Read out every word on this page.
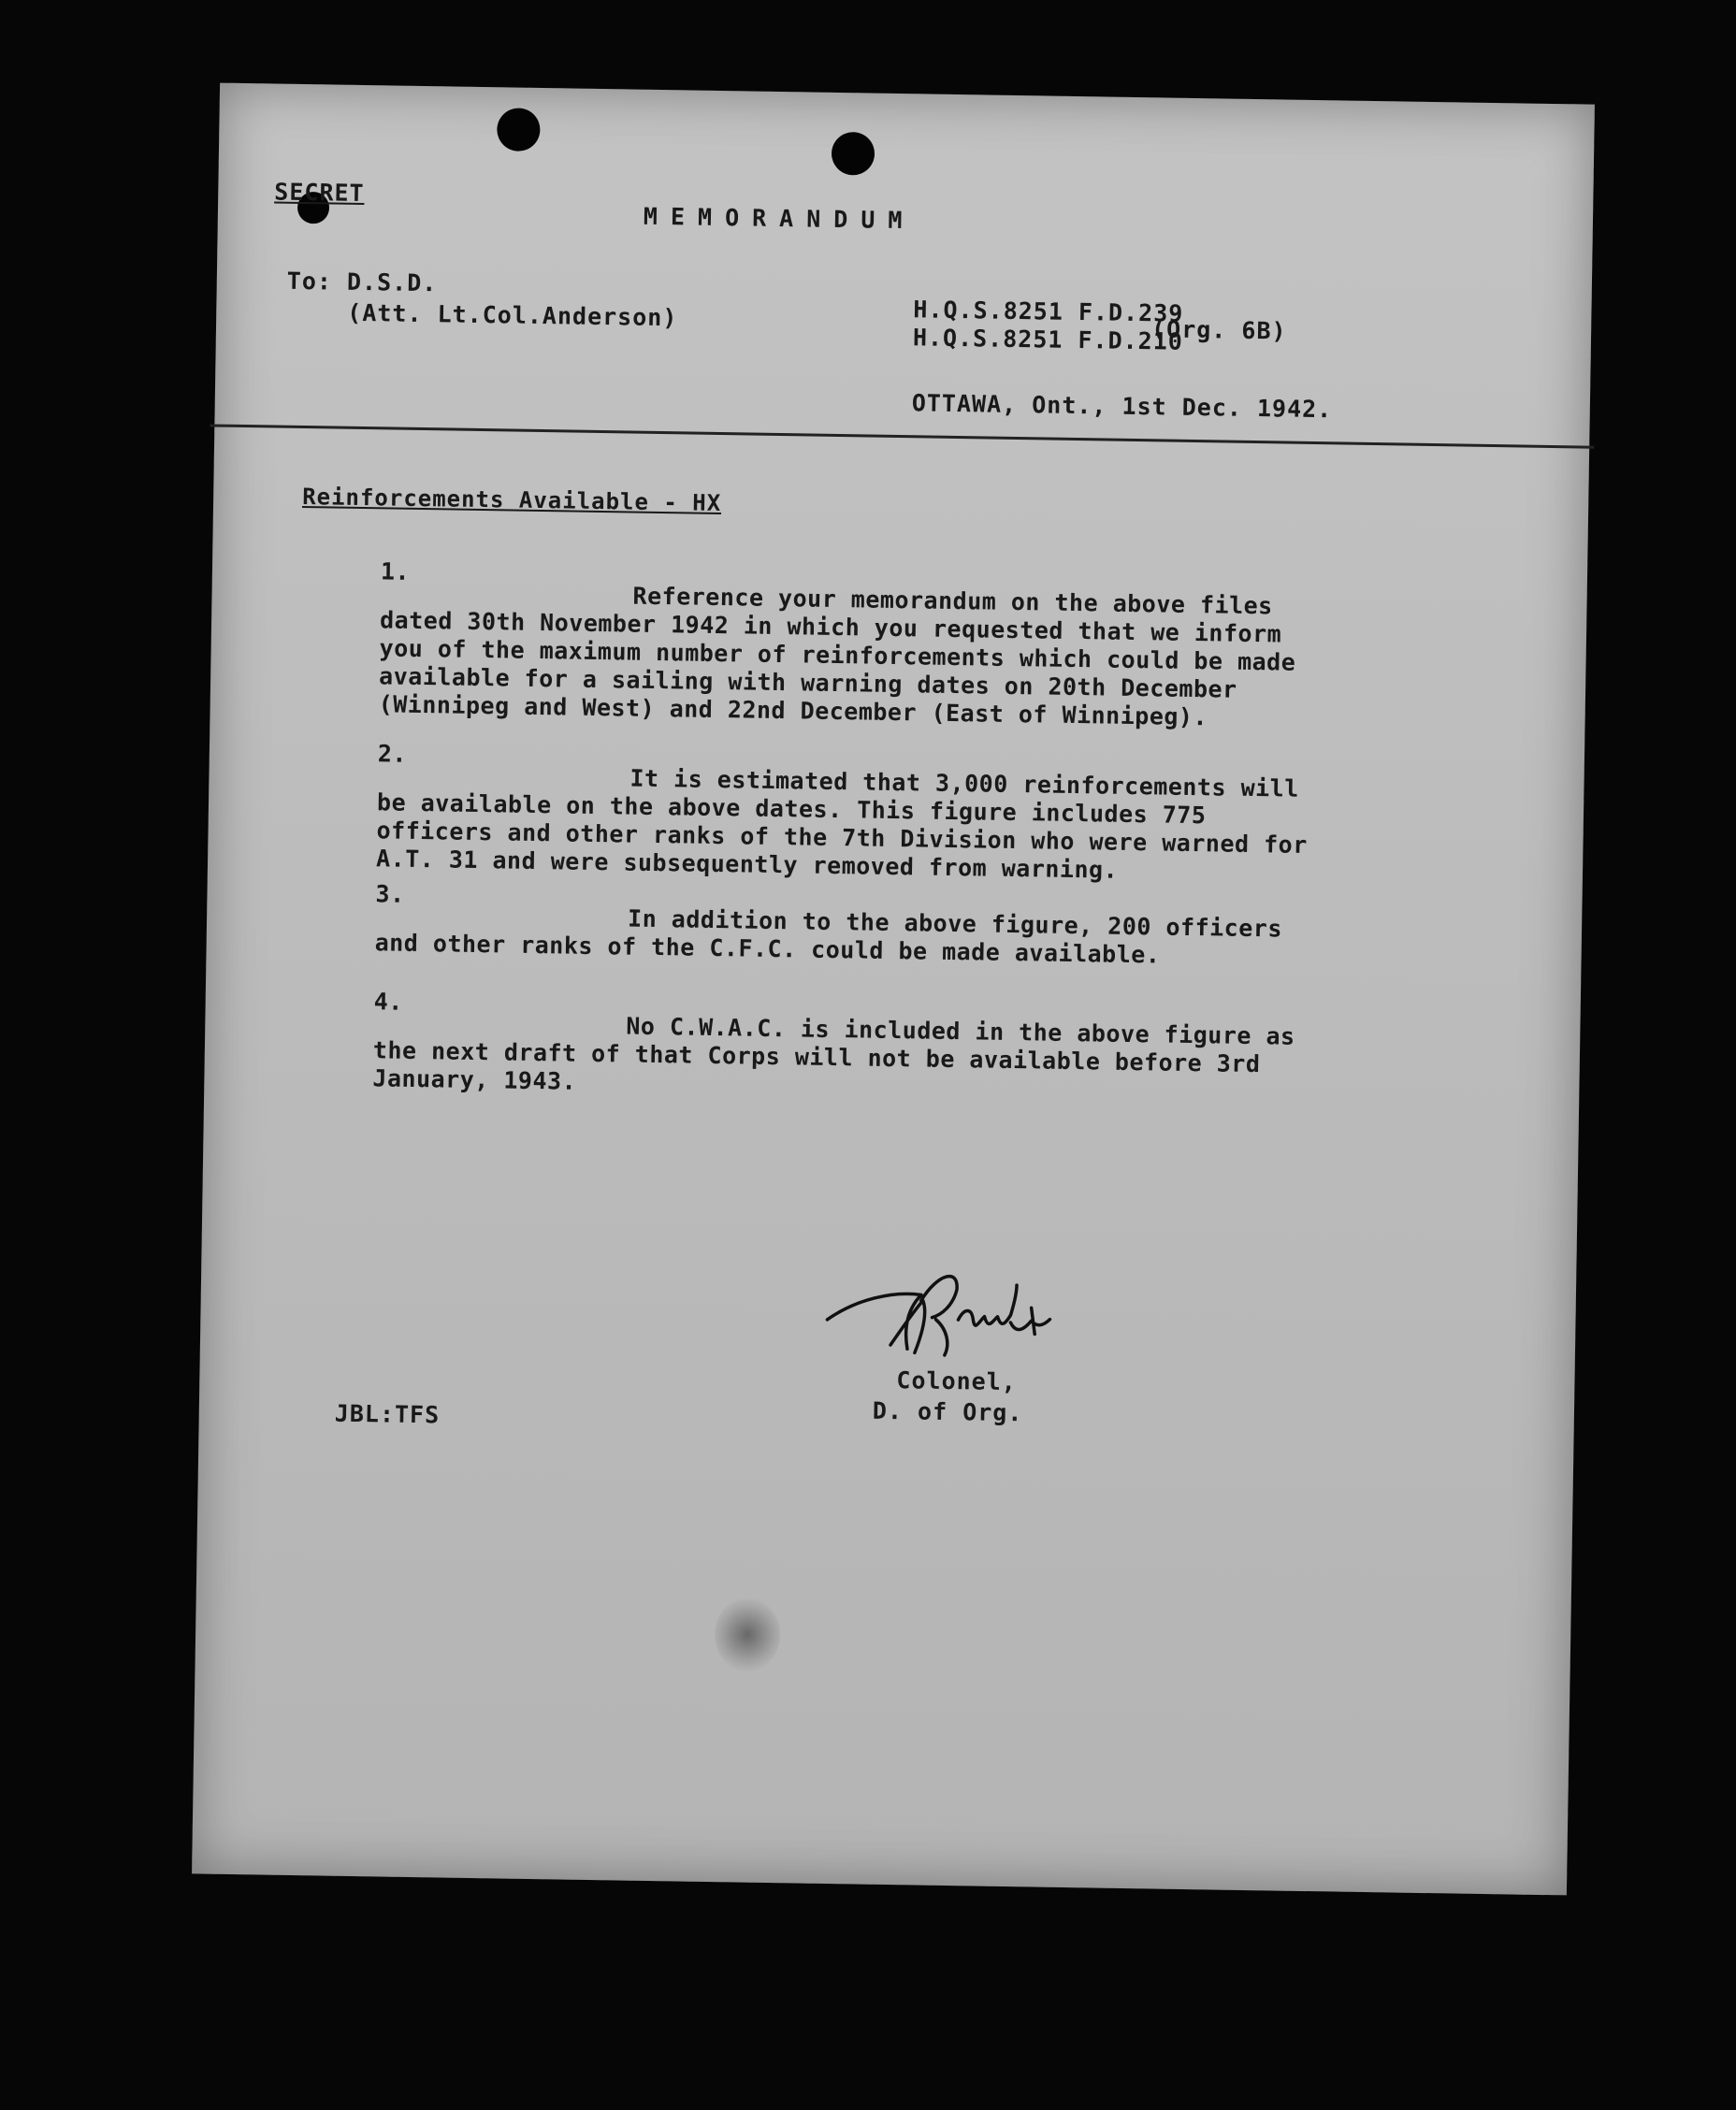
SECRET
MEMORANDUM
To: D.S.D.
(Att. Lt.Col.Anderson)	H.Q.S.8251 F.D.239
H.Q.S.8251 F.D.210
(Org. 6B)
OTTAWA, Ont., 1st Dec. 1942.
Reinforcements Available - HX
1.
Reference your memorandum on the above files dated 30th November 1942 in which you requested that we inform you of the maximum number of reinforcements which could be made available for a sailing with warning dates on 20th December (Winnipeg and West) and 22nd December (East of Winnipeg).
2.
It is estimated that 3,000 reinforcements will be available on the above dates. This figure includes 775 officers and other ranks of the 7th Division who were warned for A.T. 31 and were subsequently removed from warning.
3.
In addition to the above figure, 200 officers and other ranks of the C.F.C. could be made available.
4.
No C.W.A.C. is included in the above figure as the next draft of that Corps will not be available before 3rd January, 1943.
Colonel,
D. of Org.
JBL:TFS
